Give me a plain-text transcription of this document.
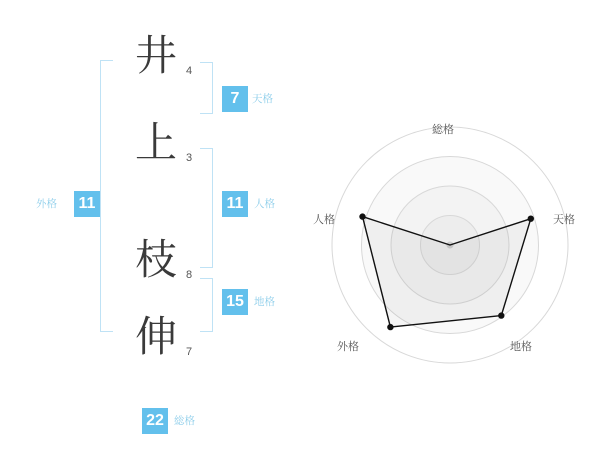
井 4
上 3
枝 8
伸 7
7	天格
11	人格
15 地格
外格 11
22 総格
総格
天格
地格
外格
人格
